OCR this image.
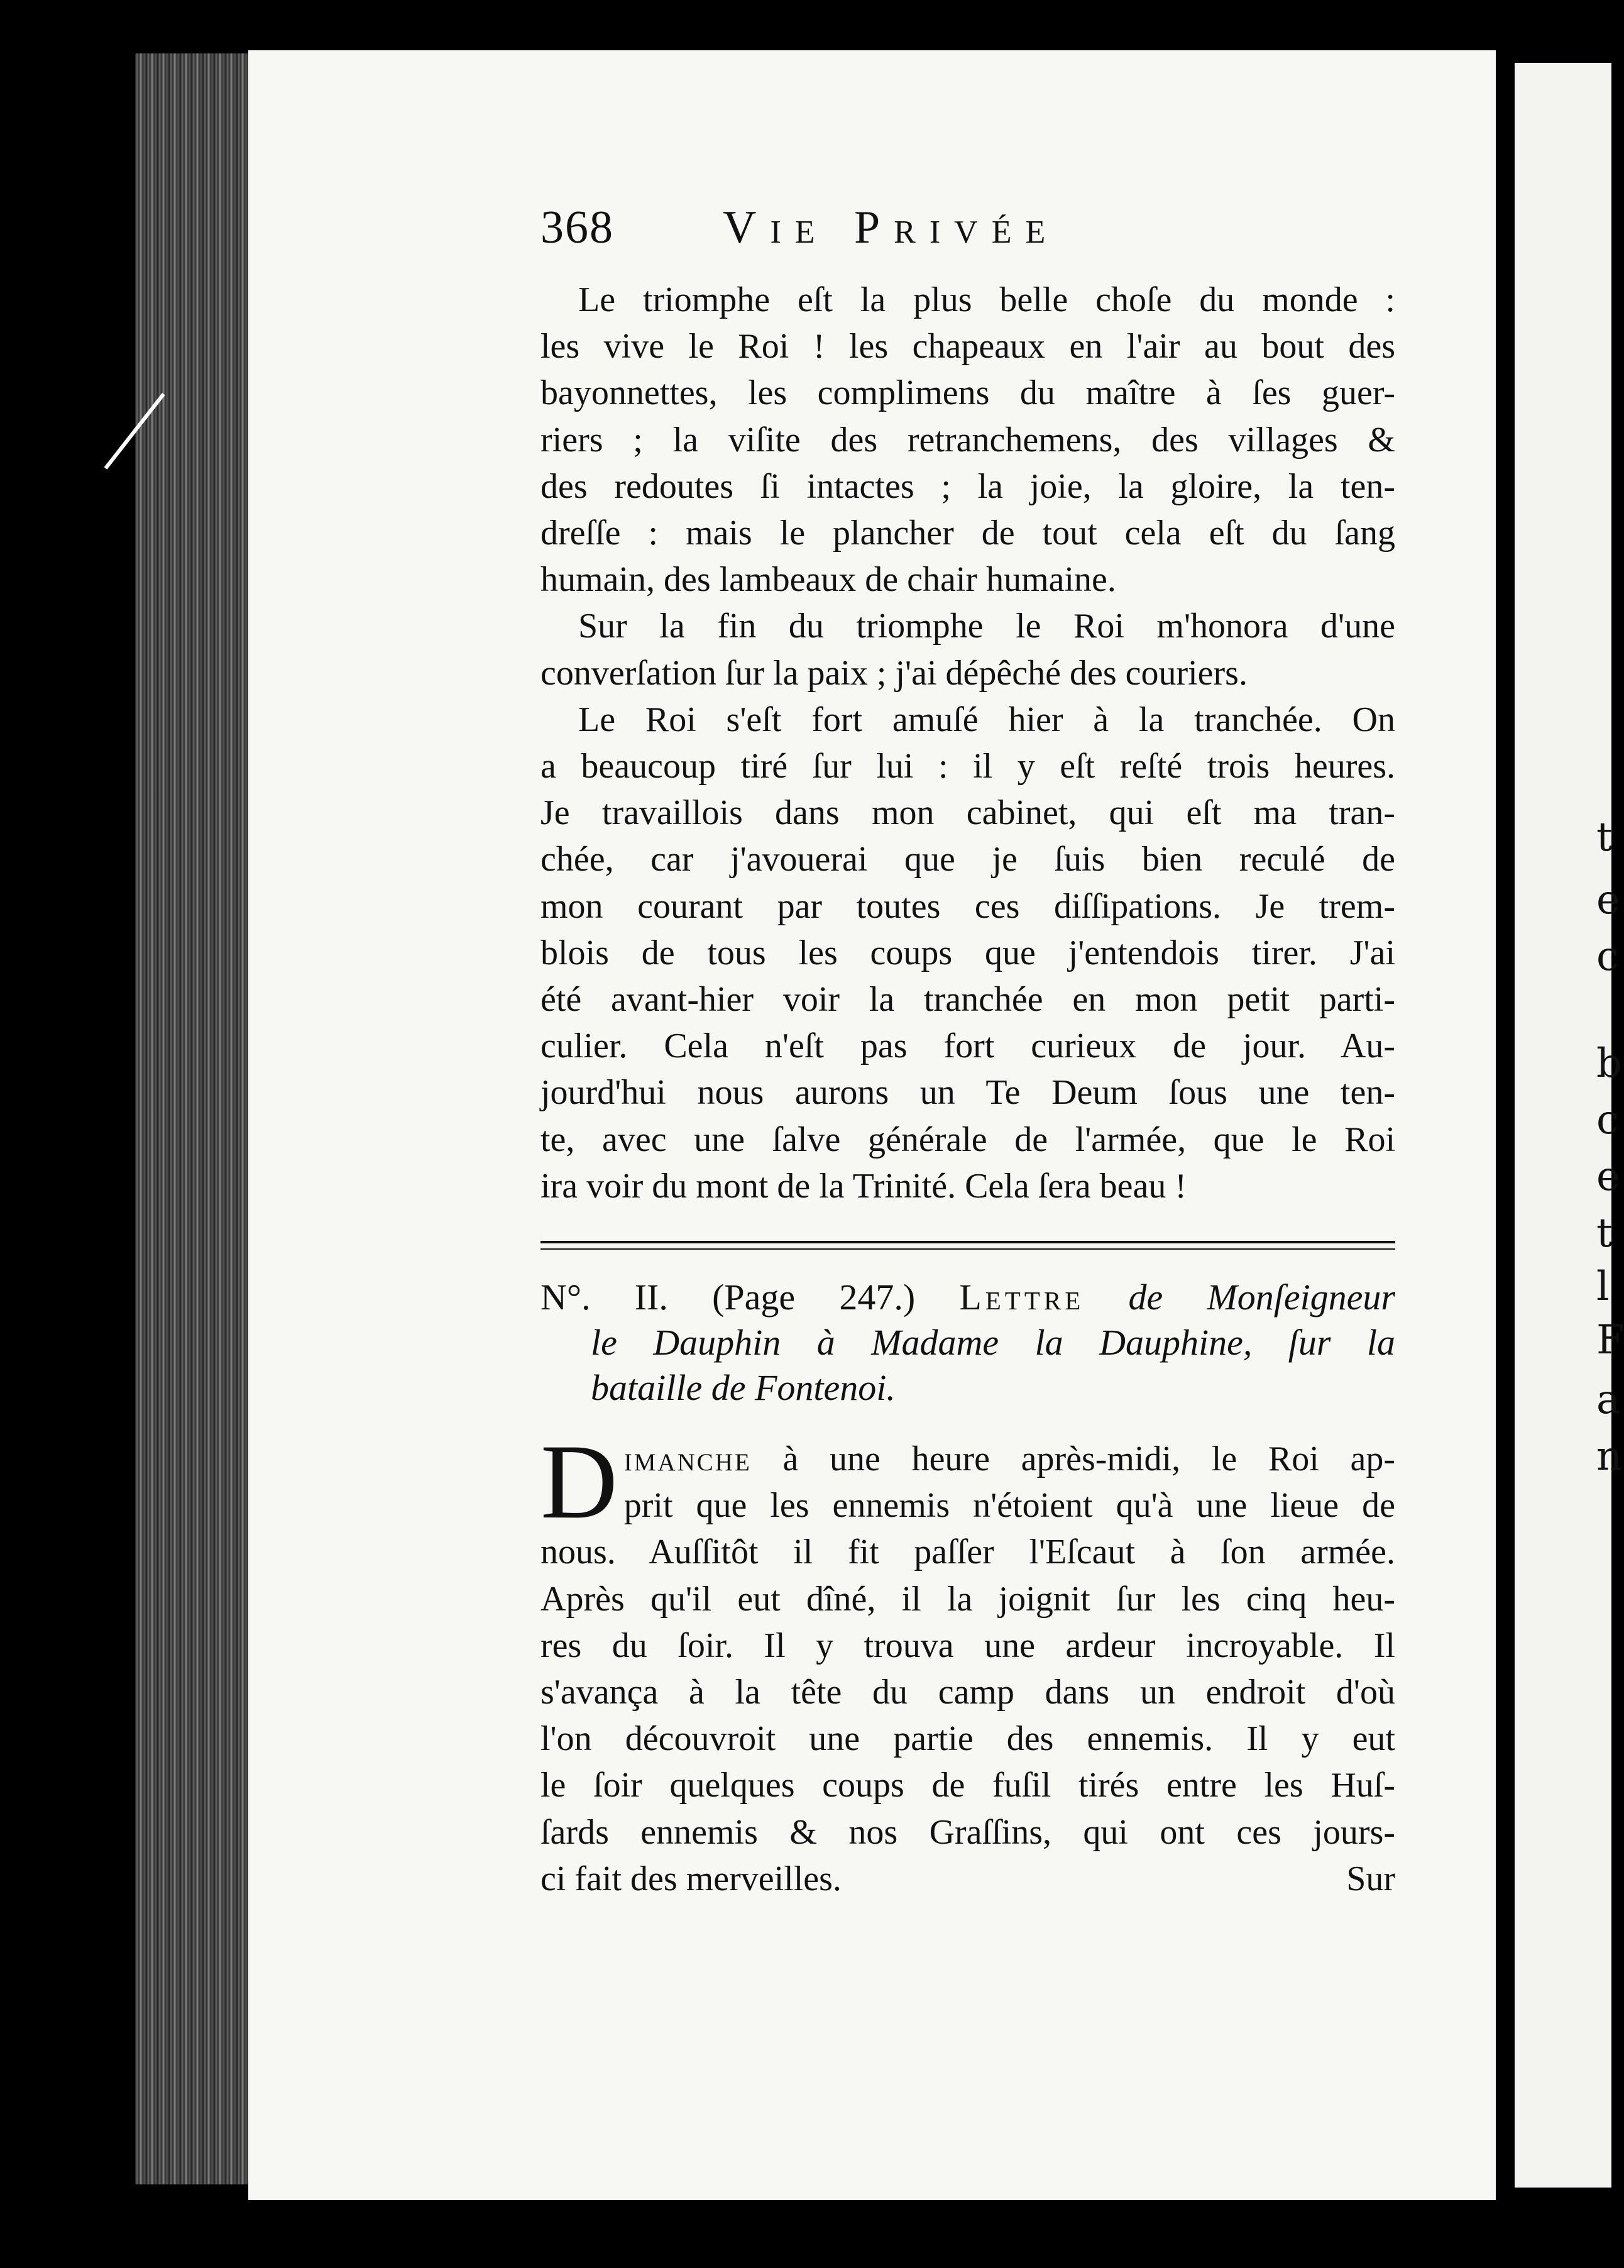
t
e
c
b
c
e
t
l
F
a
n
368	Vie Privée

Le triomphe eſt la plus belle choſe du monde :
les vive le Roi ! les chapeaux en l'air au bout des
bayonnettes, les complimens du maître à ſes guer-
riers ; la viſite des retranchemens, des villages &
des redoutes ſi intactes ; la joie, la gloire, la ten-
dreſſe : mais le plancher de tout cela eſt du ſang
humain, des lambeaux de chair humaine.

Sur la fin du triomphe le Roi m'honora d'une
converſation ſur la paix ; j'ai dépêché des couriers.

Le Roi s'eſt fort amuſé hier à la tranchée. On
a beaucoup tiré ſur lui : il y eſt reſté trois heures.
Je travaillois dans mon cabinet, qui eſt ma tran-
chée, car j'avouerai que je ſuis bien reculé de
mon courant par toutes ces diſſipations. Je trem-
blois de tous les coups que j'entendois tirer. J'ai
été avant-hier voir la tranchée en mon petit parti-
culier. Cela n'eſt pas fort curieux de jour. Au-
jourd'hui nous aurons un Te Deum ſous une ten-
te, avec une ſalve générale de l'armée, que le Roi
ira voir du mont de la Trinité. Cela ſera beau !

N°. II. (Page 247.) Lettre de Monſeigneur
le Dauphin à Madame la Dauphine, ſur la
bataille de Fontenoi.
D imanche à une heure après-midi, le Roi ap-
prit que les ennemis n'étoient qu'à une lieue de
nous. Auſſitôt il fit paſſer l'Eſcaut à ſon armée.
Après qu'il eut dîné, il la joignit ſur les cinq heu-
res du ſoir. Il y trouva une ardeur incroyable. Il
s'avança à la tête du camp dans un endroit d'où
l'on découvroit une partie des ennemis. Il y eut
le ſoir quelques coups de fuſil tirés entre les Huſ-
ſards ennemis & nos Graſſins, qui ont ces jours-
ci fait des merveilles.	Sur
